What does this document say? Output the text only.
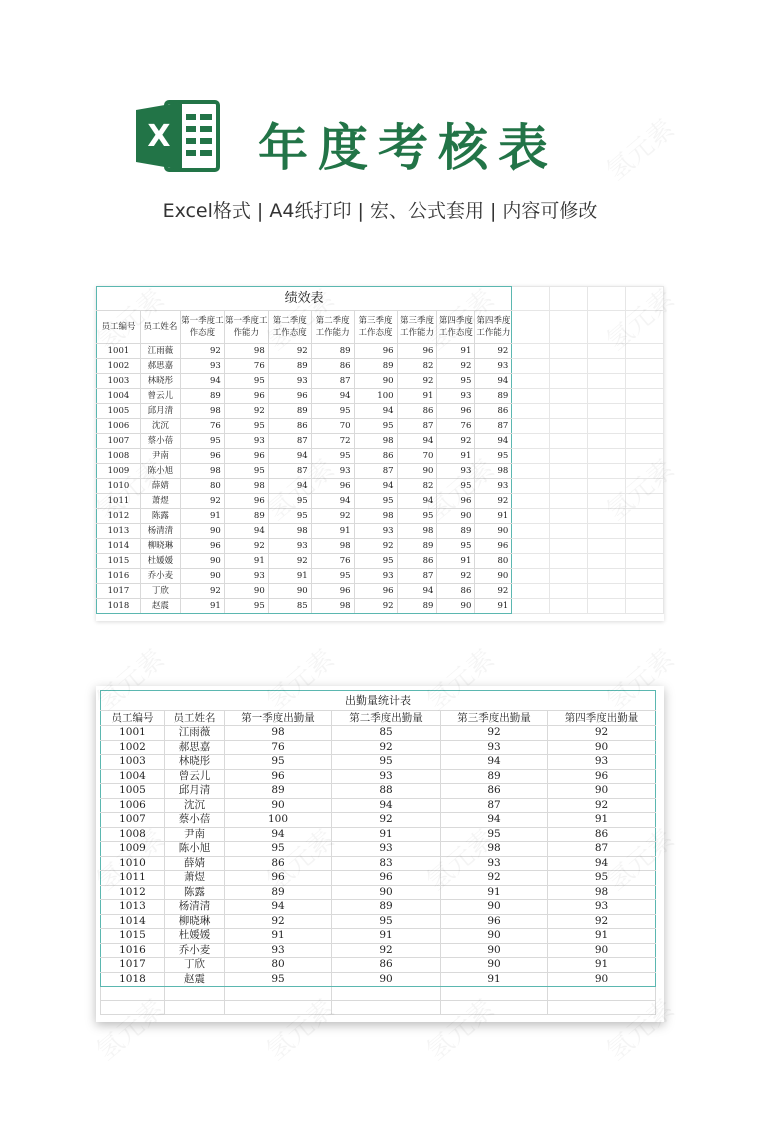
X 年度考核表
Excel格式 | A4纸打印 | 宏、公式套用 | 内容可修改
绩效表													
员工编号	员工姓名	第一季度工作态度	第一季度工作能力	第二季度工作态度	第二季度工作能力	第三季度工作态度	第三季度工作能力	第四季度工作态度	第四季度工作能力				
1001	江雨薇	92	98	92	89	96	96	91	92				
1002	郝思嘉	93	76	89	86	89	82	92	93				
1003	林晓彤	94	95	93	87	90	92	95	94				
1004	曾云儿	89	96	96	94	100	91	93	89				
1005	邱月清	98	92	89	95	94	86	96	86				
1006	沈沉	76	95	86	70	95	87	76	87				
1007	蔡小蓓	95	93	87	72	98	94	92	94				
1008	尹南	96	96	94	95	86	70	91	95				
1009	陈小旭	98	95	87	93	87	90	93	98				
1010	薛婧	80	98	94	96	94	82	95	93				
1011	萧煜	92	96	95	94	95	94	96	92				
1012	陈露	91	89	95	92	98	95	90	91				
1013	杨清清	90	94	98	91	93	98	89	90				
1014	柳晓琳	96	92	93	98	92	89	95	96				
1015	杜媛媛	90	91	92	76	95	86	91	80				
1016	乔小麦	90	93	91	95	93	87	92	90				
1017	丁欣	92	90	90	96	96	94	86	92				
1018	赵震	91	95	85	98	92	89	90	91				
出勤量统计表					
员工编号	员工姓名	第一季度出勤量	第二季度出勤量	第三季度出勤量	第四季度出勤量
1001	江雨薇	98	85	92	92
1002	郝思嘉	76	92	93	90
1003	林晓彤	95	95	94	93
1004	曾云儿	96	93	89	96
1005	邱月清	89	88	86	90
1006	沈沉	90	94	87	92
1007	蔡小蓓	100	92	94	91
1008	尹南	94	91	95	86
1009	陈小旭	95	93	98	87
1010	薛婧	86	83	93	94
1011	萧煜	96	96	92	95
1012	陈露	89	90	91	98
1013	杨清清	94	89	90	93
1014	柳晓琳	92	95	96	92
1015	杜媛媛	91	91	90	91
1016	乔小麦	93	92	90	90
1017	丁欣	80	86	90	91
1018	赵震	95	90	91	90
